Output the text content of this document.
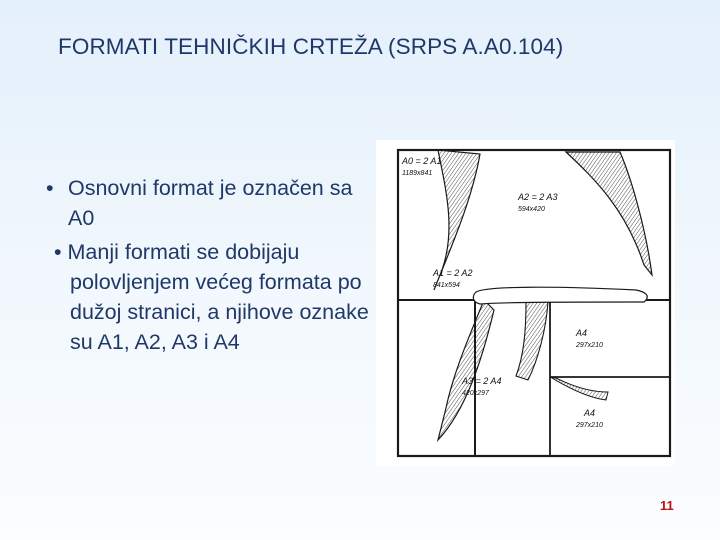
FORMATI TEHNIČKIH CRTEŽA (SRPS A.A0.104)
• Osnovni format je označen sa A0
• Manji formati se dobijaju polovljenjem većeg formata po dužoj stranici, a njihove oznake su A1, A2, A3 i A4
A0 = 2 A1
1189x841
A2 = 2 A3
594x420
A1 = 2 A2
841x594
A4
297x210
A3 = 2 A4
420x297
A4
297x210
11
